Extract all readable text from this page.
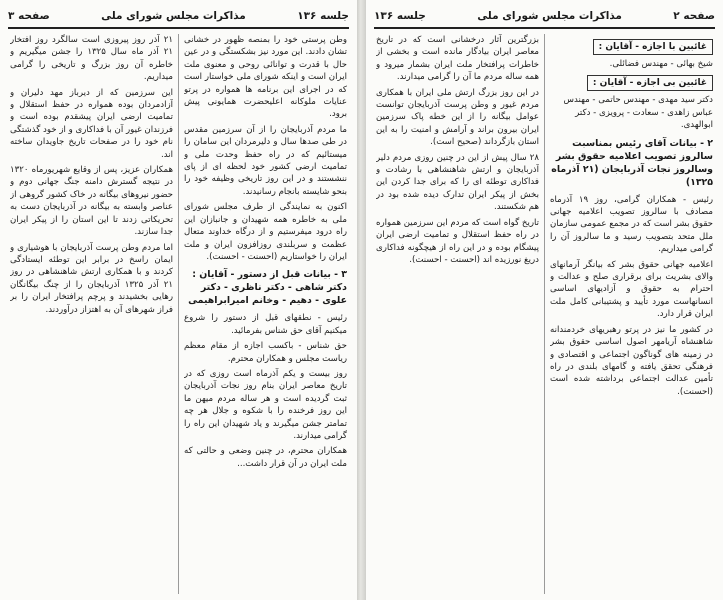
جلسه ۱۳۶
مذاکرات مجلس شورای ملی
صفحه ۳

وطن پرستی خود را بمنصه ظهور در خشانی تشان دادند. این مورد نیز بشکستگی و در عین حال با قدرت و توانائی روحی و معنوی ملت ایران است و اینکه شورای ملی خواستار است که در اجرای این برنامه ها همواره در پرتو عنایات ملوکانه اعلیحضرت همایونی پیش برود.

ما مردم آذربایجان را از آن سرزمین مقدس در طی صدها سال و دلیرمردان این سامان را میستائیم که در راه حفظ وحدت ملی و تمامیت ارضی کشور خود لحظه ای از پای ننشستند و در این روز تاریخی وظیفه خود را بنحو شایسته بانجام رسانیدند.

اکنون به نمایندگی از طرف مجلس شورای ملی به خاطره همه شهیدان و جانبازان این راه درود میفرستیم و از درگاه خداوند متعال عظمت و سربلندی روزافزون ایران و ملت ایران را خواستاریم (احسنت - احسنت).

۳ - بیانات قبل از دستور - آقایان : دکتر شاهی - دکتر ناظری - دکتر علوی - دهیم - وخانم امیرابراهیمی

رئیس - نطقهای قبل از دستور را شروع میکنیم آقای حق شناس بفرمائید.

حق شناس - باکسب اجازه از مقام معظم ریاست مجلس و همکاران محترم.

روز بیست و یکم آذرماه است روزی که در تاریخ معاصر ایران بنام روز نجات آذربایجان ثبت گردیده است و هر ساله مردم میهن ما این روز فرخنده را با شکوه و جلال هر چه تمامتر جشن میگیرند و یاد شهیدان این راه را گرامی میدارند.

همکاران محترم، در چنین وضعی و حالتی که ملت ایران در آن قرار داشت...

۲۱ آذر روز پیروزی است سالگرد روز افتخار ۲۱ آذر ماه سال ۱۳۲۵ را جشن میگیریم و خاطره آن روز بزرگ و تاریخی را گرامی میداریم.

این سرزمین که از دیرباز مهد دلیران و آزادمردان بوده همواره در حفظ استقلال و تمامیت ارضی ایران پیشقدم بوده است و فرزندان غیور آن با فداکاری و از خود گذشتگی نام خود را در صفحات تاریخ جاویدان ساخته اند.

همکاران عزیز، پس از وقایع شهریورماه ۱۳۲۰ در نتیجه گسترش دامنه جنگ جهانی دوم و حضور نیروهای بیگانه در خاک کشور گروهی از عناصر وابسته به بیگانه در آذربایجان دست به تحریکاتی زدند تا این استان را از پیکر ایران جدا سازند.

اما مردم وطن پرست آذربایجان با هوشیاری و ایمان راسخ در برابر این توطئه ایستادگی کردند و با همکاری ارتش شاهنشاهی در روز ۲۱ آذر ۱۳۲۵ آذربایجان را از چنگ بیگانگان رهایی بخشیدند و پرچم پرافتخار ایران را بر فراز شهرهای آن به اهتزاز درآوردند.

صفحه ۲
مذاکرات مجلس شورای ملی
جلسه ۱۳۶
غائبین با اجازه - آقایان :

شیخ بهائی - مهندس فضائلی.

غائبین بی اجازه - آقایان :

دکتر سید مهدی - مهندس حاتمی - مهندس عباس زاهدی - سعادت - پرویزی - دکتر ابوالهدی.

۲ - بیانات آقای رئیس بمناسبت سالروز تصویب اعلامیه حقوق بشر وسالروز نجات آذربایجان (۲۱ آذرماه ۱۳۲۵)

رئیس - همکاران گرامی، روز ۱۹ آذرماه مصادف با سالروز تصویب اعلامیه جهانی حقوق بشر است که در مجمع عمومی سازمان ملل متحد بتصویب رسید و ما سالروز آن را گرامی میداریم.

اعلامیه جهانی حقوق بشر که بیانگر آرمانهای والای بشریت برای برقراری صلح و عدالت و احترام به حقوق و آزادیهای اساسی انسانهاست مورد تأیید و پشتیبانی کامل ملت ایران قرار دارد.

در کشور ما نیز در پرتو رهبریهای خردمندانه شاهنشاه آریامهر اصول اساسی حقوق بشر در زمینه های گوناگون اجتماعی و اقتصادی و فرهنگی تحقق یافته و گامهای بلندی در راه تأمین عدالت اجتماعی برداشته شده است (احسنت).

بزرگترین آثار درخشانی است که در تاریخ معاصر ایران بیادگار مانده است و بخشی از خاطرات پرافتخار ملت ایران بشمار میرود و همه ساله مردم ما آن را گرامی میدارند.

در این روز بزرگ ارتش ملی ایران با همکاری مردم غیور و وطن پرست آذربایجان توانست عوامل بیگانه را از این خطه پاک سرزمین ایران بیرون براند و آرامش و امنیت را به این استان بازگرداند (صحیح است).

۲۸ سال پیش از این در چنین روزی مردم دلیر آذربایجان و ارتش شاهنشاهی با رشادت و فداکاری توطئه ای را که برای جدا کردن این بخش از پیکر ایران تدارک دیده شده بود در هم شکستند.

تاریخ گواه است که مردم این سرزمین همواره در راه حفظ استقلال و تمامیت ارضی ایران پیشگام بوده و در این راه از هیچگونه فداکاری دریغ نورزیده اند (احسنت - احسنت).
